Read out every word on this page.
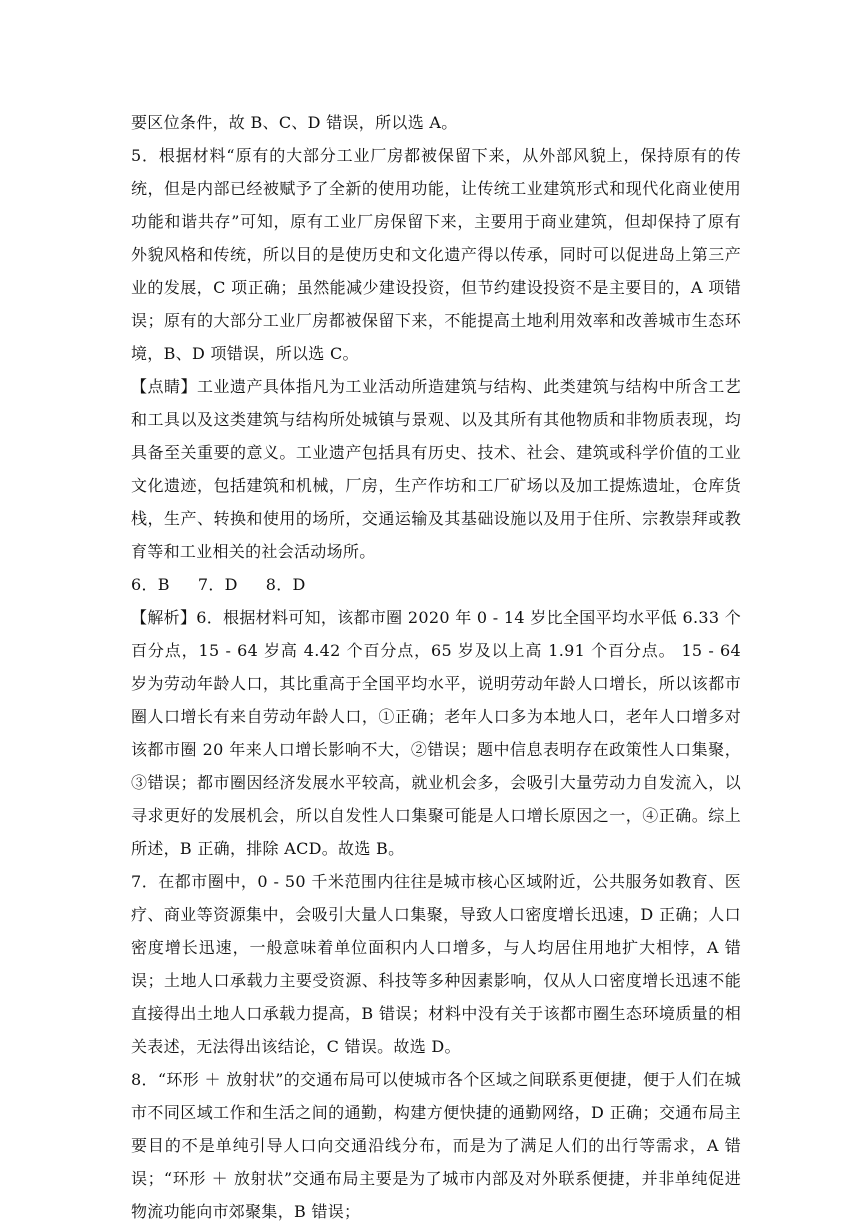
要区位条件，故 B、C、D 错误，所以选 A。

5．根据材料“原有的大部分工业厂房都被保留下来，从外部风貌上，保持原有的传统，但是内部已经被赋予了全新的使用功能，让传统工业建筑形式和现代化商业使用功能和谐共存”可知，原有工业厂房保留下来，主要用于商业建筑，但却保持了原有外貌风格和传统，所以目的是使历史和文化遗产得以传承，同时可以促进岛上第三产业的发展，C 项正确；虽然能减少建设投资，但节约建设投资不是主要目的，A 项错误；原有的大部分工业厂房都被保留下来，不能提高土地利用效率和改善城市生态环境，B、D 项错误，所以选 C。

【点睛】工业遗产具体指凡为工业活动所造建筑与结构、此类建筑与结构中所含工艺和工具以及这类建筑与结构所处城镇与景观、以及其所有其他物质和非物质表现，均具备至关重要的意义。工业遗产包括具有历史、技术、社会、建筑或科学价值的工业文化遗迹，包括建筑和机械，厂房，生产作坊和工厂矿场以及加工提炼遗址，仓库货栈，生产、转换和使用的场所，交通运输及其基础设施以及用于住所、宗教崇拜或教育等和工业相关的社会活动场所。

6．B 7．D 8．D

【解析】6．根据材料可知，该都市圈 2020 年 0 - 14 岁比全国平均水平低 6.33 个百分点，15 - 64 岁高 4.42 个百分点，65 岁及以上高 1.91 个百分点。 15 - 64 岁为劳动年龄人口，其比重高于全国平均水平，说明劳动年龄人口增长，所以该都市圈人口增长有来自劳动年龄人口，①正确；老年人口多为本地人口，老年人口增多对该都市圈 20 年来人口增长影响不大，②错误；题中信息表明存在政策性人口集聚，③错误；都市圈因经济发展水平较高，就业机会多，会吸引大量劳动力自发流入，以寻求更好的发展机会，所以自发性人口集聚可能是人口增长原因之一，④正确。综上所述，B 正确，排除 ACD。故选 B。

7．在都市圈中，0 - 50 千米范围内往往是城市核心区域附近，公共服务如教育、医疗、商业等资源集中，会吸引大量人口集聚，导致人口密度增长迅速，D 正确；人口密度增长迅速，一般意味着单位面积内人口增多，与人均居住用地扩大相悖，A 错误；土地人口承载力主要受资源、科技等多种因素影响，仅从人口密度增长迅速不能直接得出土地人口承载力提高，B 错误；材料中没有关于该都市圈生态环境质量的相关表述，无法得出该结论，C 错误。故选 D。

8．“环形 ＋ 放射状”的交通布局可以使城市各个区域之间联系更便捷，便于人们在城市不同区域工作和生活之间的通勤，构建方便快捷的通勤网络，D 正确；交通布局主要目的不是单纯引导人口向交通沿线分布，而是为了满足人们的出行等需求，A 错误；“环形 ＋ 放射状”交通布局主要是为了城市内部及对外联系便捷，并非单纯促进物流功能向市郊聚集，B 错误；
